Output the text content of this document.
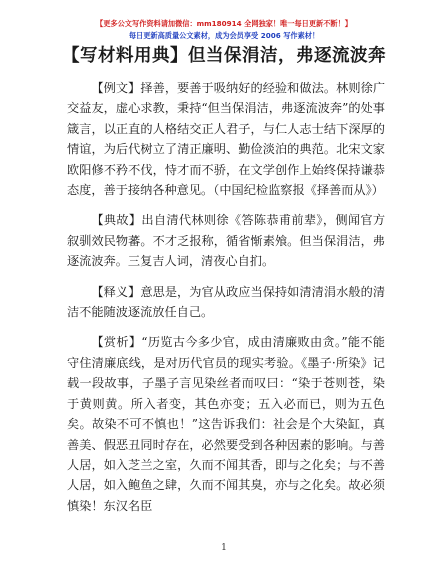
【更多公文写作资料请加微信：mm180914 全网独家！唯一每日更新不断！】
每日更新高质量公文素材，成为会员享受 2006 写作素材！
【写材料用典】但当保涓洁，弗逐流波奔

【例文】择善，要善于吸纳好的经验和做法。林则徐广交益友，虚心求教，秉持“但当保涓洁，弗逐流波奔”的处事箴言，以正直的人格结交正人君子，与仁人志士结下深厚的情谊，为后代树立了清正廉明、勤俭淡泊的典范。北宋文家欧阳修不矜不伐，恃才而不骄，在文学创作上始终保持谦恭态度，善于接纳各种意见。（中国纪检监察报《择善而从》）

【典故】出自清代林则徐《答陈恭甫前辈》，侧闻官方叙驯效民物蕃。不才乏报称，循省惭素飧。但当保涓洁，弗逐流波奔。三复吉人词，清夜心自扪。

【释义】意思是，为官从政应当保持如清清涓水般的清洁不能随波逐流放任自己。

【赏析】“历览古今多少官，成由清廉败由贪。”能不能守住清廉底线，是对历代官员的现实考验。《墨子·所染》记载一段故事，子墨子言见染丝者而叹曰：“染于苍则苍，染于黄则黄。所入者变，其色亦变；五入必而已，则为五色矣。故染不可不慎也！”这告诉我们：社会是个大染缸，真善美、假恶丑同时存在，必然要受到各种因素的影响。与善人居，如入芝兰之室，久而不闻其香，即与之化矣；与不善人居，如入鲍鱼之肆，久而不闻其臭，亦与之化矣。故必须慎染！东汉名臣

1
